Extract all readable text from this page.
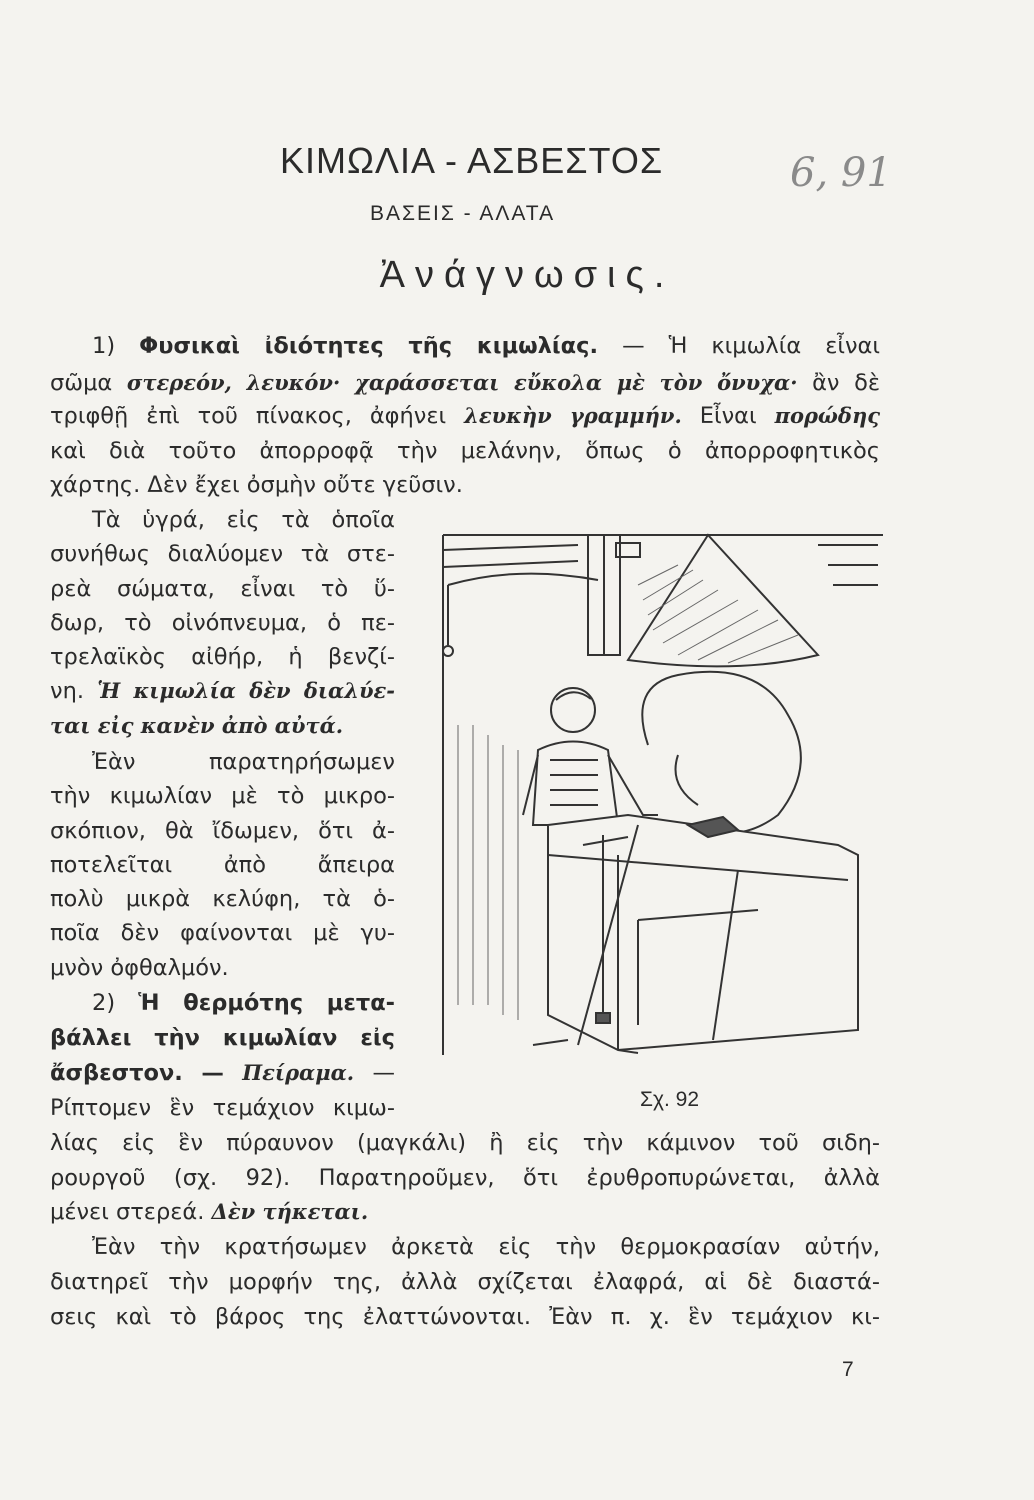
ΚΙΜΩΛΙΑ - ΑΣΒΕΣΤΟΣ	6, 91
ΒΑΣΕΙΣ - ΑΛΑΤΑ
Ἀνάγνωσις.
1) Φυσικαὶ ἰδιότητες τῆς κιμωλίας. — Ἡ κιμωλία εἶναι
σῶμα στερεόν, λευκόν· χαράσσεται εὔκολα μὲ τὸν ὄνυχα· ἂν δὲ
τριφθῇ ἐπὶ τοῦ πίνακος, ἀφήνει λευκὴν γραμμήν. Εἶναι πορώδης
καὶ διὰ τοῦτο ἀπορροφᾷ τὴν μελάνην, ὅπως ὁ ἀπορροφητικὸς
χάρτης. Δὲν ἔχει ὀσμὴν οὔτε γεῦσιν.
Τὰ ὑγρά, εἰς τὰ ὁποῖα
συνήθως διαλύομεν τὰ στε-
ρεὰ σώματα, εἶναι τὸ ὕ-
δωρ, τὸ οἰνόπνευμα, ὁ πε-
τρελαϊκὸς αἰθήρ, ἡ βενζί-
νη. Ἡ κιμωλία δὲν διαλύε-
ται εἰς κανὲν ἀπὸ αὐτά.
Ἐὰν παρατηρήσωμεν
τὴν κιμωλίαν μὲ τὸ μικρο-
σκόπιον, θὰ ἴδωμεν, ὅτι ἀ-
ποτελεῖται ἀπὸ ἄπειρα
πολὺ μικρὰ κελύφη, τὰ ὁ-
ποῖα δὲν φαίνονται μὲ γυ-
μνὸν ὀφθαλμόν.
2) Ἡ θερμότης μετα-
βάλλει τὴν κιμωλίαν εἰς
ἄσβεστον. — Πείραμα. —
Ρίπτομεν ἓν τεμάχιον κιμω-
λίας εἰς ἓν πύραυνον (μαγκάλι) ἢ εἰς τὴν κάμινον τοῦ σιδη-
ρουργοῦ (σχ. 92). Παρατηροῦμεν, ὅτι ἐρυθροπυρώνεται, ἀλλὰ
μένει στερεά. Δὲν τήκεται.
Ἐὰν τὴν κρατήσωμεν ἀρκετὰ εἰς τὴν θερμοκρασίαν αὐτήν,
διατηρεῖ τὴν μορφήν της, ἀλλὰ σχίζεται ἐλαφρά, αἱ δὲ διαστά-
σεις καὶ τὸ βάρος της ἐλαττώνονται. Ἐὰν π. χ. ἓν τεμάχιον κι-
Σχ. 92
7
